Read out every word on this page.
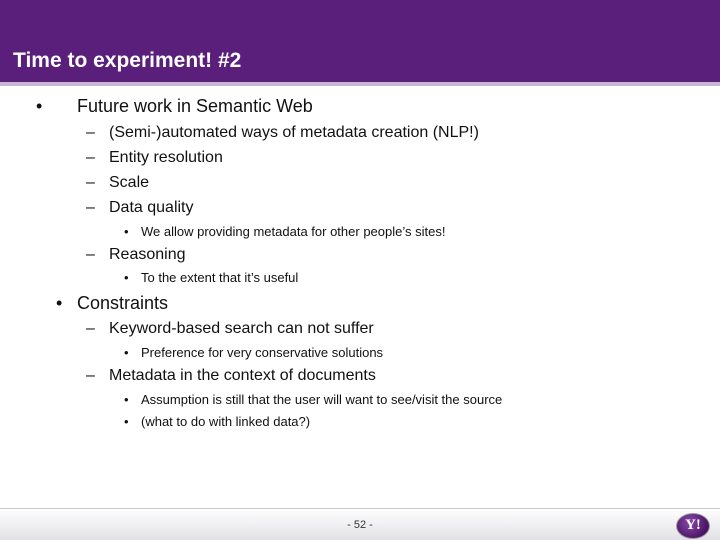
Time to experiment! #2
• Future work in Semantic Web
– (Semi-)automated ways of metadata creation (NLP!)
– Entity resolution
– Scale
– Data quality
• We allow providing metadata for other people’s sites!
– Reasoning
• To the extent that it’s useful
• Constraints
– Keyword-based search can not suffer
• Preference for very conservative solutions
– Metadata in the context of documents
• Assumption is still that the user will want to see/visit the source
• (what to do with linked data?)
- 52 -	Y!
